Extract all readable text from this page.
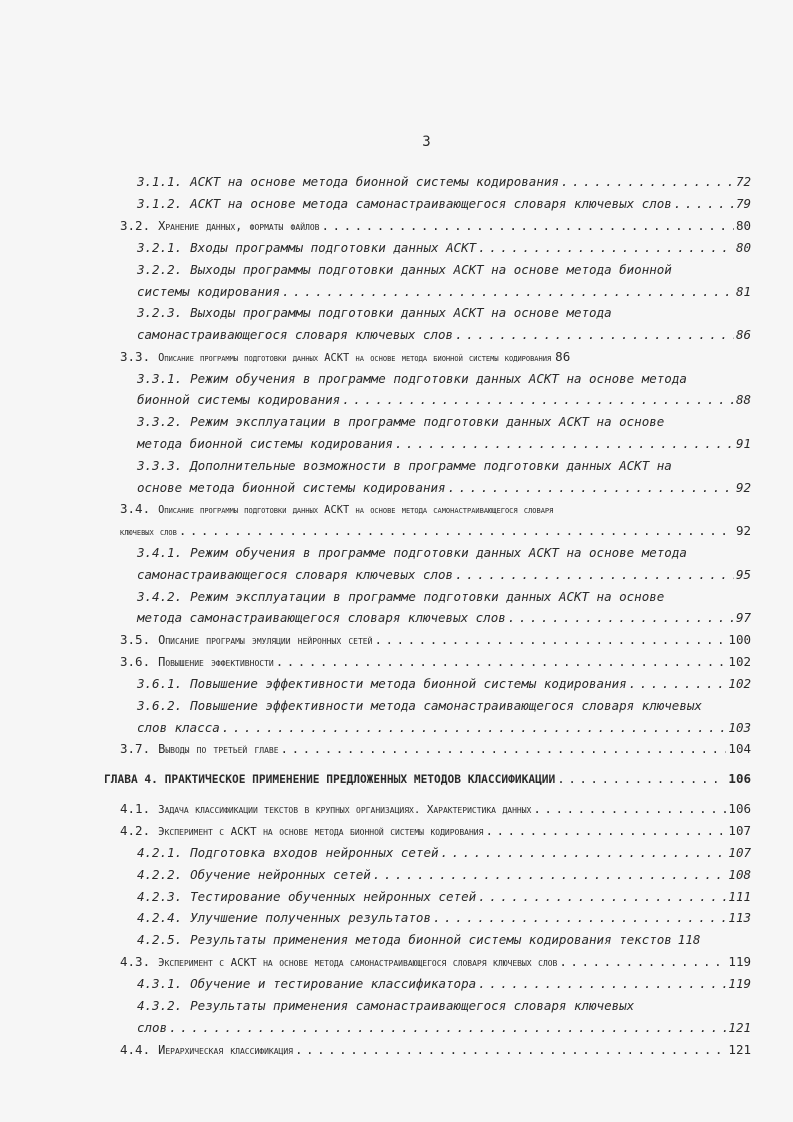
3
3.1.1. АСКТ на основе метода бионной системы кодирования . . .	72
3.1.2. АСКТ на основе метода самонастраивающегося словаря ключевых слов . . .	79
3.2. Хранение данных, форматы файлов . . .	80
3.2.1. Входы программы подготовки данных АСКТ . . .	80
3.2.2. Выходы программы подготовки данных АСКТ на основе метода бионной
системы кодирования . . .	81
3.2.3. Выходы программы подготовки данных АСКТ на основе метода
самонастраивающегося словаря ключевых слов . . .	86
3.3. Описание программы подготовки данных АСКТ на основе метода бионной системы кодирования 86
3.3.1. Режим обучения в программе подготовки данных АСКТ на основе метода
бионной системы кодирования . . .	88
3.3.2. Режим эксплуатации в программе подготовки данных АСКТ на основе
метода бионной системы кодирования . . .	91
3.3.3. Дополнительные возможности в программе подготовки данных АСКТ на
основе метода бионной системы кодирования . . .	92
3.4. Описание программы подготовки данных АСКТ на основе метода самонастраивающегося словаря
ключевых слов . . .	92
3.4.1. Режим обучения в программе подготовки данных АСКТ на основе метода
самонастраивающегося словаря ключевых слов . . .	95
3.4.2. Режим эксплуатации в программе подготовки данных АСКТ на основе
метода самонастраивающегося словаря ключевых слов . . .	97
3.5. Описание програмы эмуляции нейронных сетей . . .	100
3.6. Повышение эффективности . . .	102
3.6.1. Повышение эффективности метода бионной системы кодирования . . .	102
3.6.2. Повышение эффективности метода самонастраивающегося словаря ключевых
слов класса . . .	103
3.7. Выводы по третьей главе . . .	104
ГЛАВА 4. ПРАКТИЧЕСКОЕ ПРИМЕНЕНИЕ ПРЕДЛОЖЕННЫХ МЕТОДОВ КЛАССИФИКАЦИИ . . .	106
4.1. Задача классификации текстов в крупных организациях. Характеристика данных . . .	106
4.2. Эксперимент с АСКТ на основе метода бионной системы кодирования . . .	107
4.2.1. Подготовка входов нейронных сетей . . .	107
4.2.2. Обучение нейронных сетей . . .	108
4.2.3. Тестирование обученных нейронных сетей . . .	111
4.2.4. Улучшение полученных результатов . . .	113
4.2.5. Результаты применения метода бионной системы кодирования текстов 118
4.3. Эксперимент с АСКТ на основе метода самонастраивающегося словаря ключевых слов . . .	119
4.3.1. Обучение и тестирование классификатора . . .	119
4.3.2. Результаты применения самонастраивающегося словаря ключевых
слов . . .	121
4.4. Иерархическая классификация . . .	121
